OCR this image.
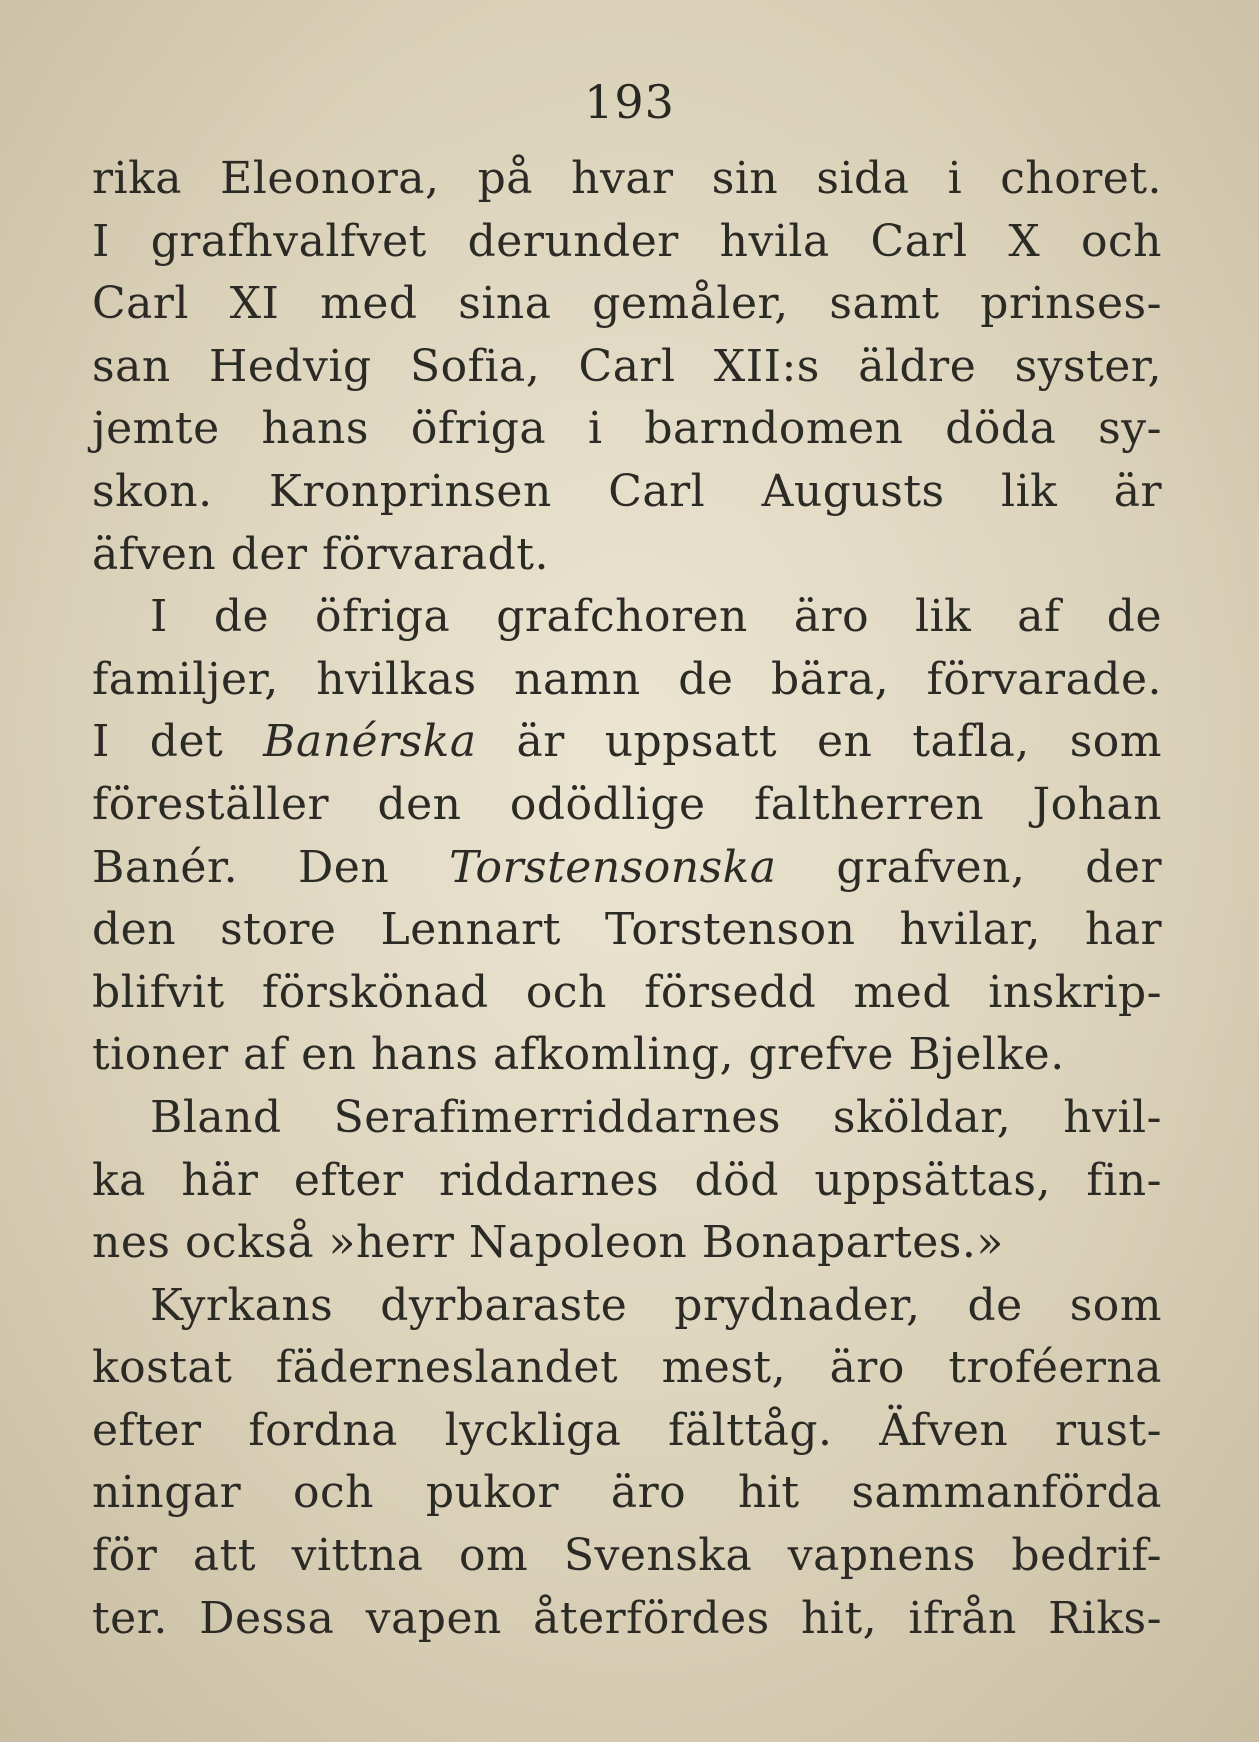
193
rika Eleonora, på hvar sin sida i choret.
I grafhvalfvet derunder hvila Carl X och
Carl XI med sina gemåler, samt prinses-
san Hedvig Sofia, Carl XII:s äldre syster,
jemte hans öfriga i barndomen döda sy-
skon. Kronprinsen Carl Augusts lik är
äfven der förvaradt.
I de öfriga grafchoren äro lik af de
familjer, hvilkas namn de bära, förvarade.
I det Banérska är uppsatt en tafla, som
föreställer den odödlige faltherren Johan
Banér. Den Torstensonska grafven, der
den store Lennart Torstenson hvilar, har
blifvit förskönad och försedd med inskrip-
tioner af en hans afkomling, grefve Bjelke.
Bland Serafimerriddarnes sköldar, hvil-
ka här efter riddarnes död uppsättas, fin-
nes också »herr Napoleon Bonapartes.»
Kyrkans dyrbaraste prydnader, de som
kostat fäderneslandet mest, äro troféerna
efter fordna lyckliga fälttåg. Äfven rust-
ningar och pukor äro hit sammanförda
för att vittna om Svenska vapnens bedrif-
ter. Dessa vapen återfördes hit, ifrån Riks-
